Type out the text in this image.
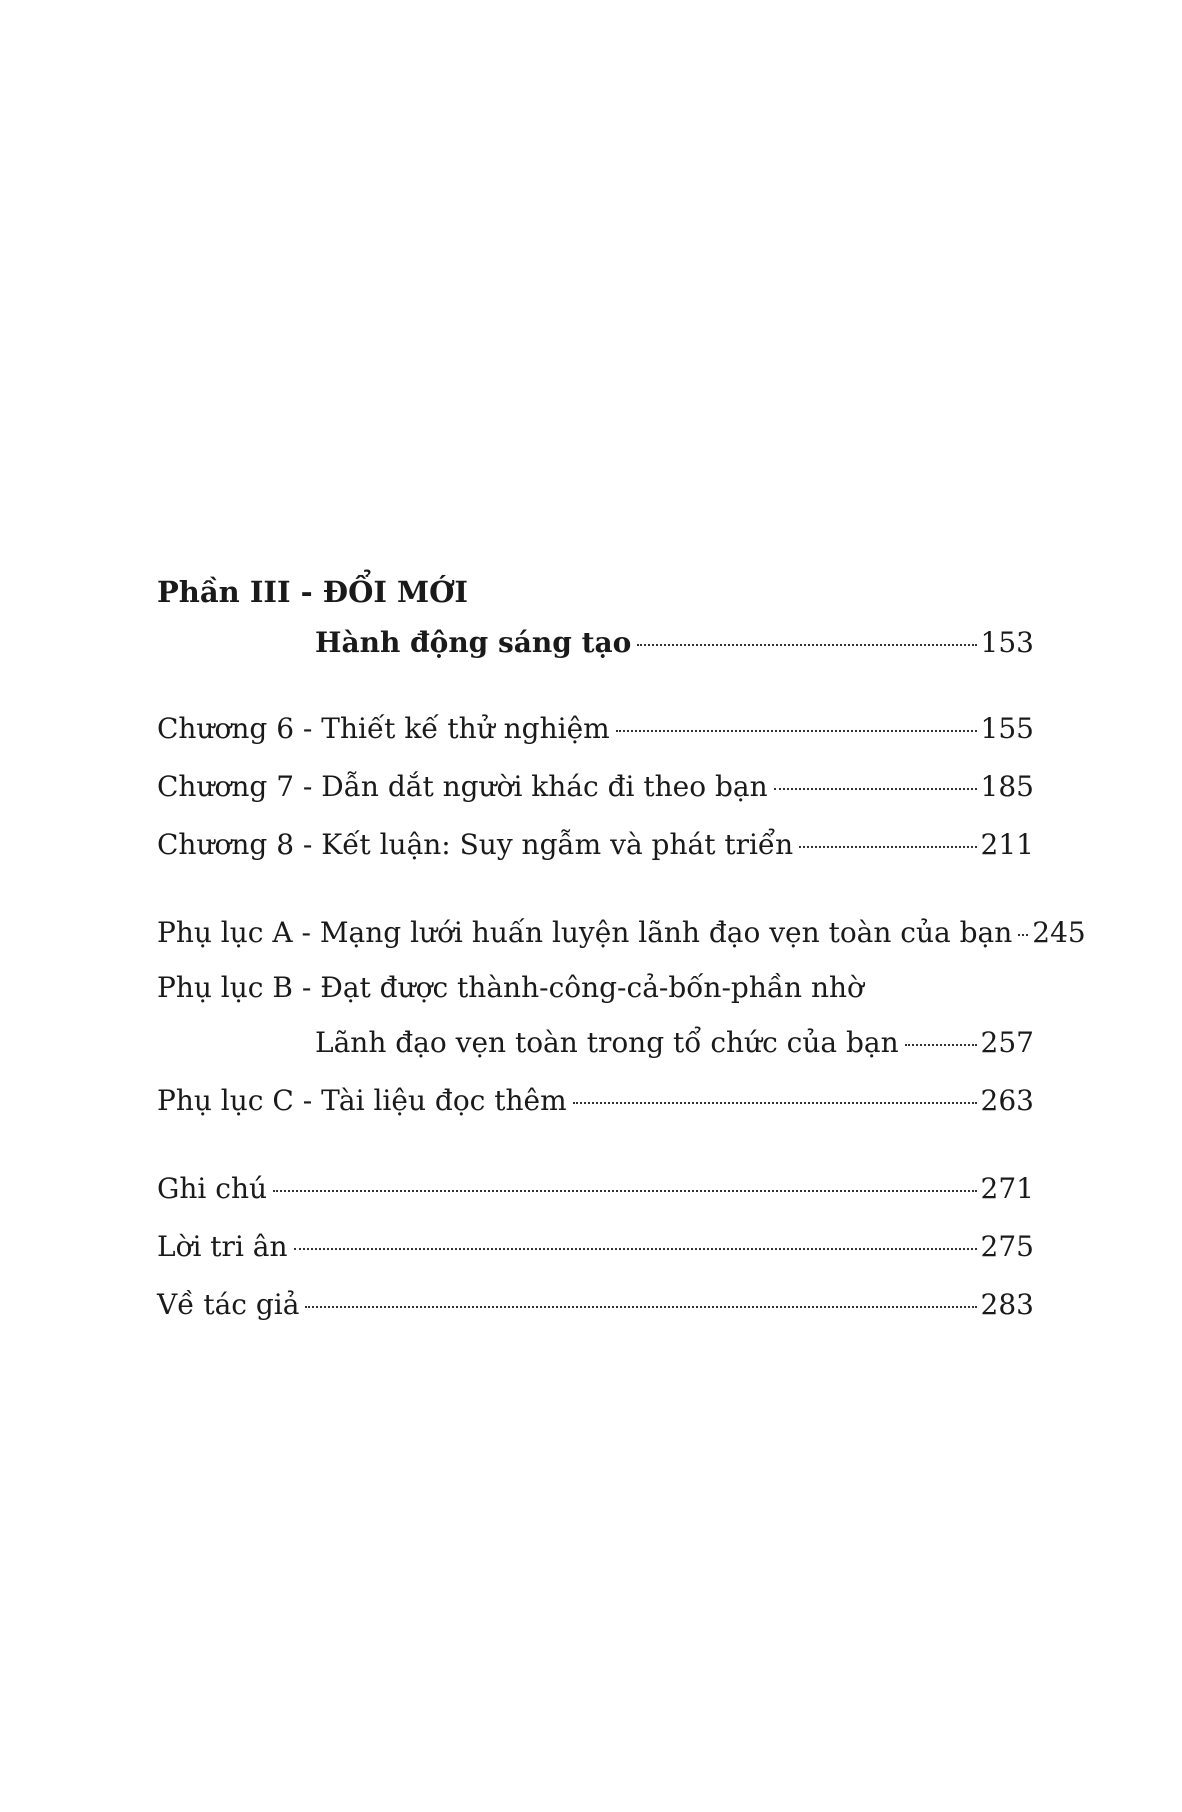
Phần III - ĐỔI MỚI
Hành động sáng tạo	153
Chương 6 - Thiết kế thử nghiệm	155
Chương 7 - Dẫn dắt người khác đi theo bạn	185
Chương 8 - Kết luận: Suy ngẫm và phát triển	211
Phụ lục A - Mạng lưới huấn luyện lãnh đạo vẹn toàn của bạn 245
Phụ lục B - Đạt được thành-công-cả-bốn-phần nhờ
Lãnh đạo vẹn toàn trong tổ chức của bạn	257
Phụ lục C - Tài liệu đọc thêm	263
Ghi chú	271
Lời tri ân	275
Về tác giả	283
